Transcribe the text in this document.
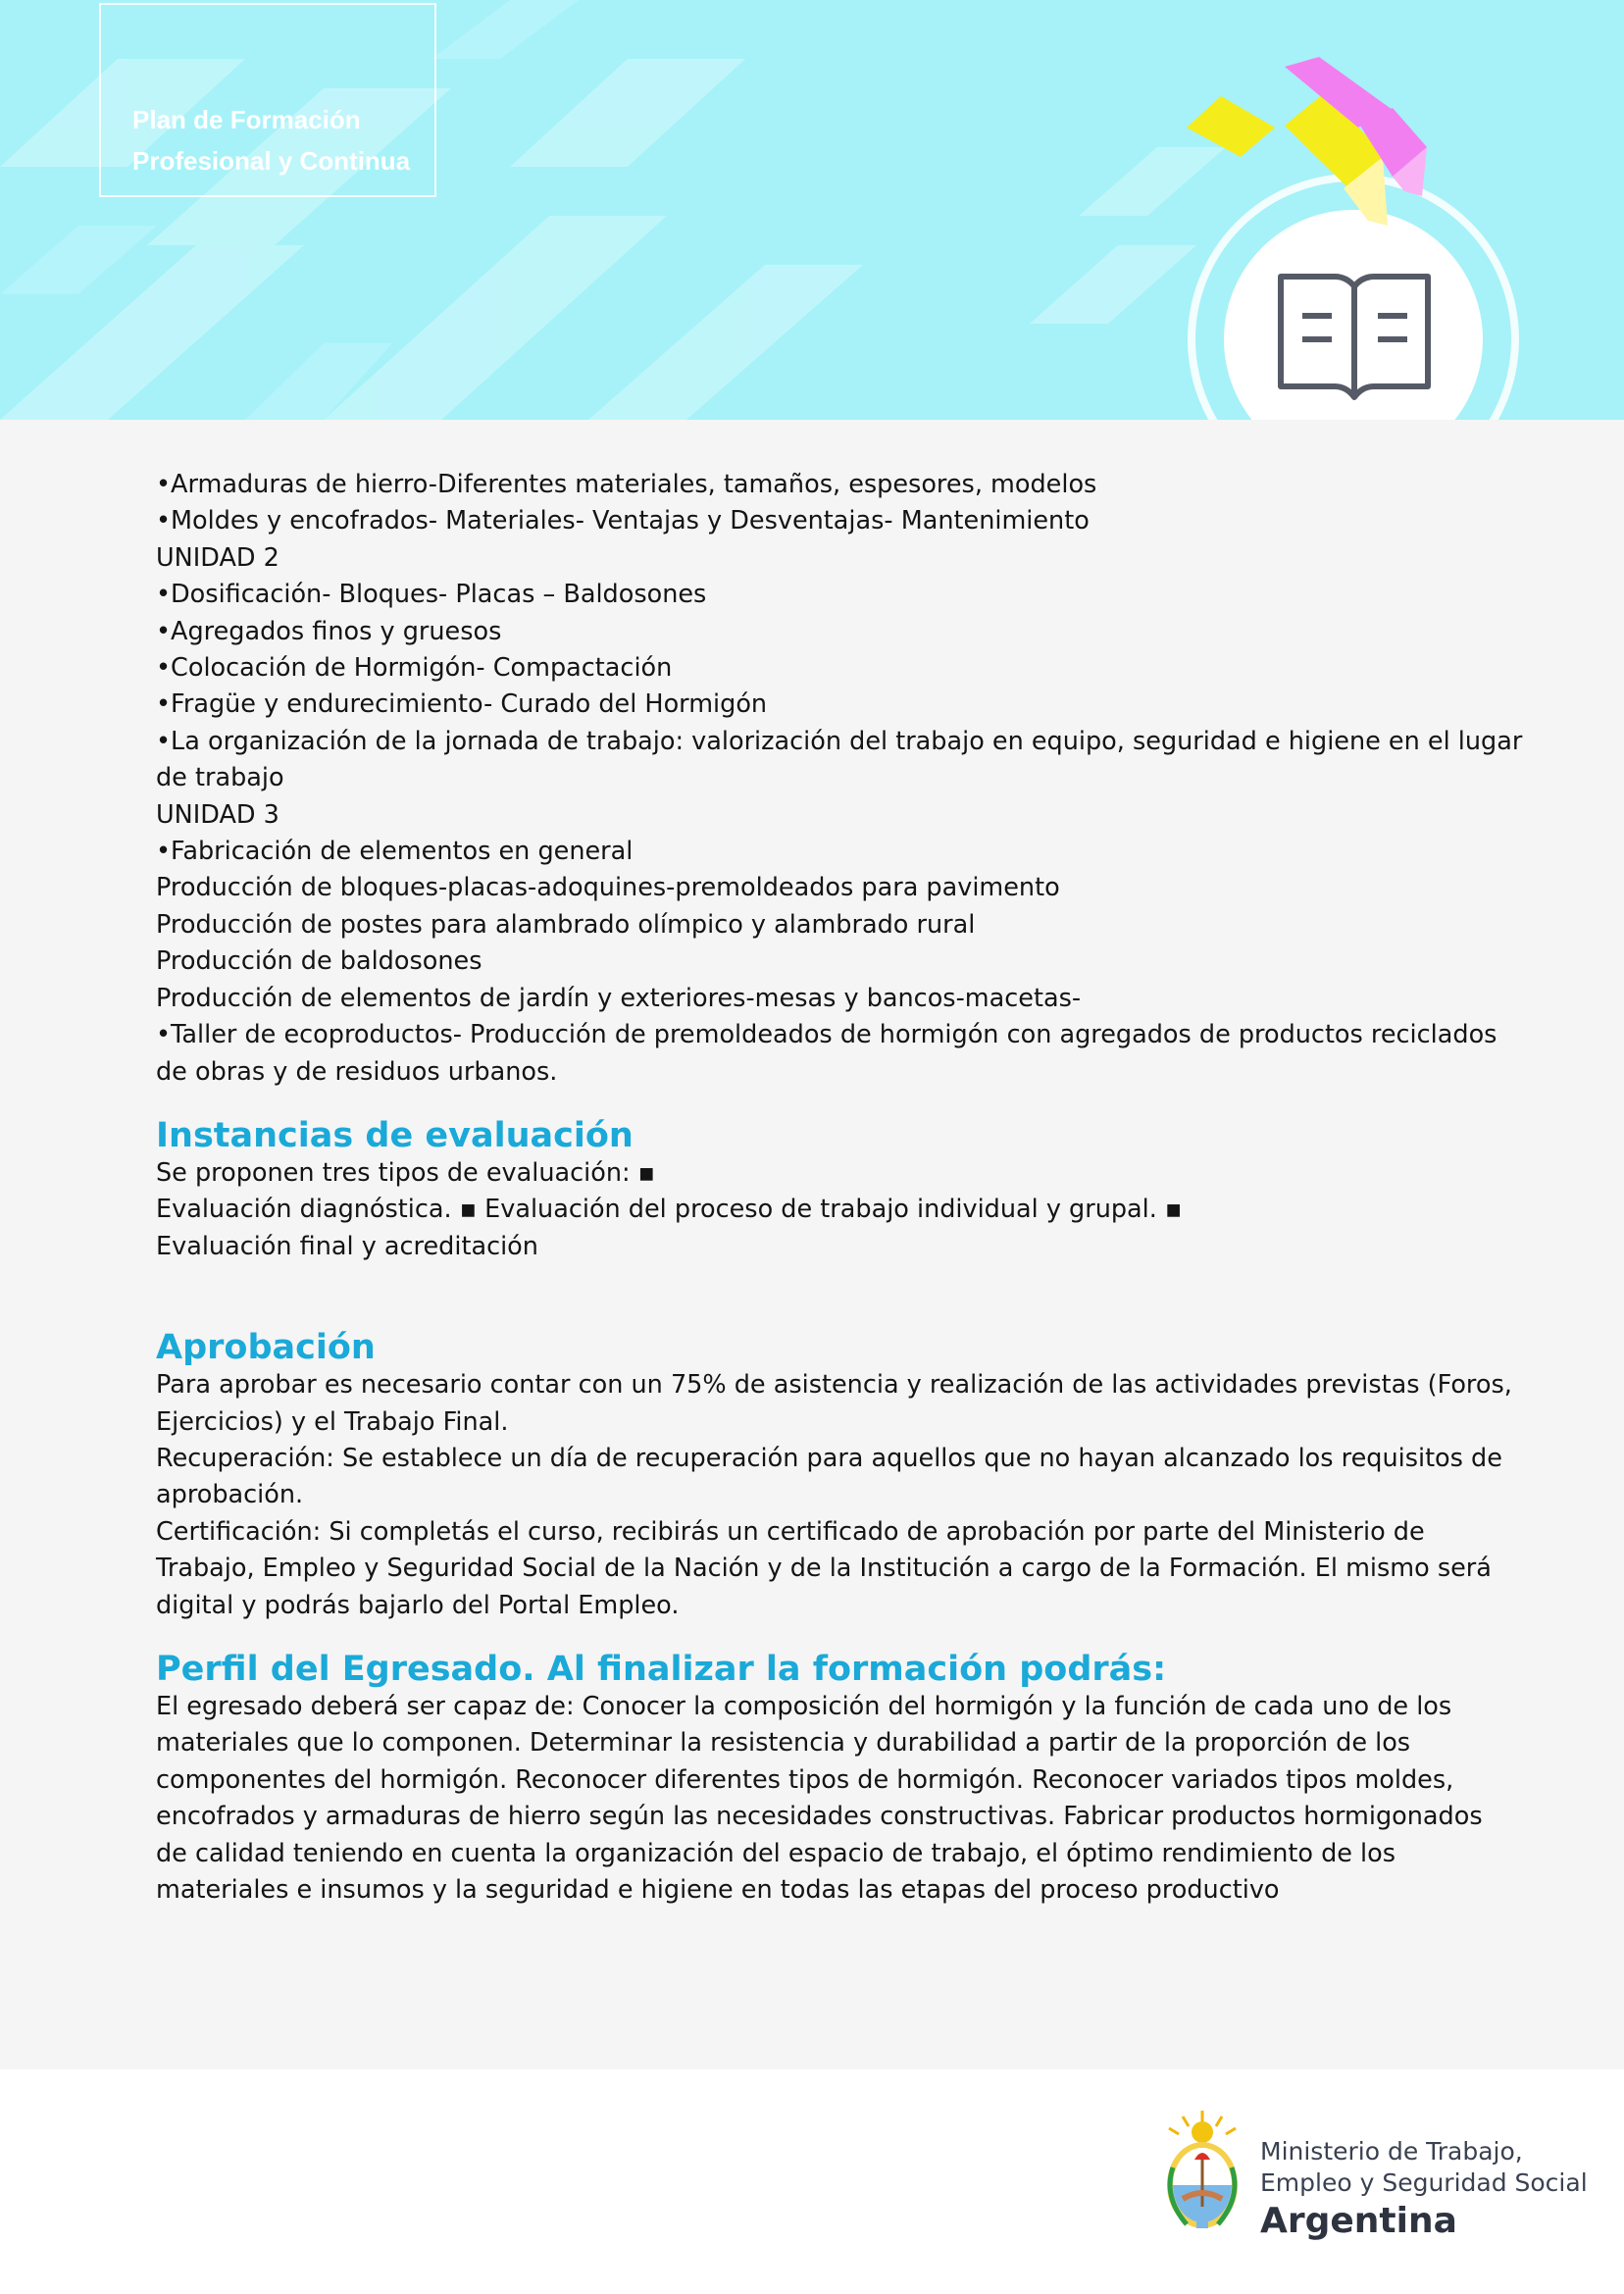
Plan de Formación
Profesional y Continua
•Armaduras de hierro-Diferentes materiales, tamaños, espesores, modelos
•Moldes y encofrados- Materiales- Ventajas y Desventajas- Mantenimiento
UNIDAD 2
•Dosificación- Bloques- Placas – Baldosones
•Agregados finos y gruesos
•Colocación de Hormigón- Compactación
•Fragüe y endurecimiento- Curado del Hormigón
•La organización de la jornada de trabajo: valorización del trabajo en equipo, seguridad e higiene en el lugar
de trabajo
UNIDAD 3
•Fabricación de elementos en general
Producción de bloques-placas-adoquines-premoldeados para pavimento
Producción de postes para alambrado olímpico y alambrado rural
Producción de baldosones
Producción de elementos de jardín y exteriores-mesas y bancos-macetas-
•Taller de ecoproductos- Producción de premoldeados de hormigón con agregados de productos reciclados
de obras y de residuos urbanos.
Instancias de evaluación
Se proponen tres tipos de evaluación: ▪
Evaluación diagnóstica. ▪ Evaluación del proceso de trabajo individual y grupal. ▪
Evaluación final y acreditación
Aprobación
Para aprobar es necesario contar con un 75% de asistencia y realización de las actividades previstas (Foros,
Ejercicios) y el Trabajo Final.
Recuperación: Se establece un día de recuperación para aquellos que no hayan alcanzado los requisitos de
aprobación.
Certificación: Si completás el curso, recibirás un certificado de aprobación por parte del Ministerio de
Trabajo, Empleo y Seguridad Social de la Nación y de la Institución a cargo de la Formación. El mismo será
digital y podrás bajarlo del Portal Empleo.
Perfil del Egresado. Al finalizar la formación podrás:
El egresado deberá ser capaz de: Conocer la composición del hormigón y la función de cada uno de los
materiales que lo componen. Determinar la resistencia y durabilidad a partir de la proporción de los
componentes del hormigón. Reconocer diferentes tipos de hormigón. Reconocer variados tipos moldes,
encofrados y armaduras de hierro según las necesidades constructivas. Fabricar productos hormigonados
de calidad teniendo en cuenta la organización del espacio de trabajo, el óptimo rendimiento de los
materiales e insumos y la seguridad e higiene en todas las etapas del proceso productivo
Ministerio de Trabajo,
Empleo y Seguridad Social
Argentina
